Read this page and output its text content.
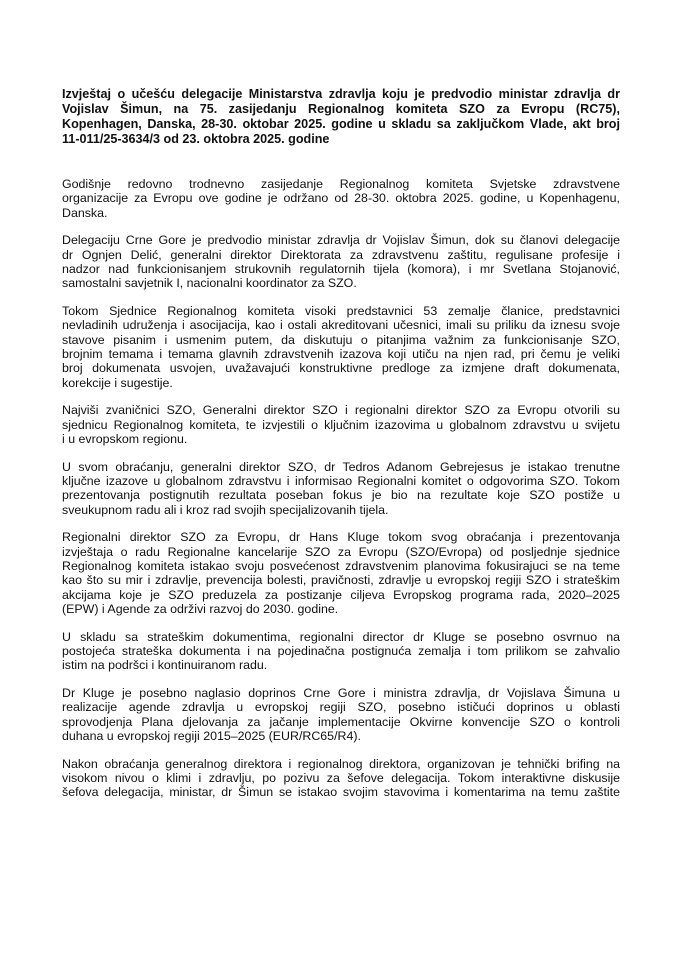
Izvještaj o učešću delegacije Ministarstva zdravlja koju je predvodio ministar zdravlja dr
Vojislav Šimun, na 75. zasijedanju Regionalnog komiteta SZO za Evropu (RC75),
Kopenhagen, Danska, 28-30. oktobar 2025. godine u skladu sa zaključkom Vlade, akt broj
11-011/25-3634/3 od 23. oktobra 2025. godine
Godišnje redovno trodnevno zasijedanje Regionalnog komiteta Svjetske zdravstvene
organizacije za Evropu ove godine je održano od 28-30. oktobra 2025. godine, u Kopenhagenu,
Danska.
Delegaciju Crne Gore je predvodio ministar zdravlja dr Vojislav Šimun, dok su članovi delegacije
dr Ognjen Delić, generalni direktor Direktorata za zdravstvenu zaštitu, regulisane profesije i
nadzor nad funkcionisanjem strukovnih regulatornih tijela (komora), i mr Svetlana Stojanović,
samostalni savjetnik I, nacionalni koordinator za SZO.
Tokom Sjednice Regionalnog komiteta visoki predstavnici 53 zemalje članice, predstavnici
nevladinih udruženja i asocijacija, kao i ostali akreditovani učesnici, imali su priliku da iznesu svoje
stavove pisanim i usmenim putem, da diskutuju o pitanjima važnim za funkcionisanje SZO,
brojnim temama i temama glavnih zdravstvenih izazova koji utiču na njen rad, pri čemu je veliki
broj dokumenata usvojen, uvažavajući konstruktivne predloge za izmjene draft dokumenata,
korekcije i sugestije.
Najviši zvaničnici SZO, Generalni direktor SZO i regionalni direktor SZO za Evropu otvorili su
sjednicu Regionalnog komiteta, te izvjestili o ključnim izazovima u globalnom zdravstvu u svijetu
i u evropskom regionu.
U svom obraćanju, generalni direktor SZO, dr Tedros Adanom Gebrejesus je istakao trenutne
ključne izazove u globalnom zdravstvu i informisao Regionalni komitet o odgovorima SZO. Tokom
prezentovanja postignutih rezultata poseban fokus je bio na rezultate koje SZO postiže u
sveukupnom radu ali i kroz rad svojih specijalizovanih tijela.
Regionalni direktor SZO za Evropu, dr Hans Kluge tokom svog obraćanja i prezentovanja
izvještaja o radu Regionalne kancelarije SZO za Evropu (SZO/Evropa) od posljednje sjednice
Regionalnog komiteta istakao svoju posvećenost zdravstvenim planovima fokusirajuci se na teme
kao što su mir i zdravlje, prevencija bolesti, pravičnosti, zdravlje u evropskoj regiji SZO i strateškim
akcijama koje je SZO preduzela za postizanje ciljeva Evropskog programa rada, 2020–2025
(EPW) i Agende za održivi razvoj do 2030. godine.
U skladu sa strateškim dokumentima, regionalni director dr Kluge se posebno osvrnuo na
postojeća strateška dokumenta i na pojedinačna postignuća zemalja i tom prilikom se zahvalio
istim na podršci i kontinuiranom radu.
Dr Kluge je posebno naglasio doprinos Crne Gore i ministra zdravlja, dr Vojislava Šimuna u
realizacije agende zdravlja u evropskoj regiji SZO, posebno ističući doprinos u oblasti
sprovodjenja Plana djelovanja za jačanje implementacije Okvirne konvencije SZO o kontroli
duhana u evropskoj regiji 2015–2025 (EUR/RC65/R4).
Nakon obraćanja generalnog direktora i regionalnog direktora, organizovan je tehnički brifing na
visokom nivou o klimi i zdravlju, po pozivu za šefove delegacija. Tokom interaktivne diskusije
šefova delegacija, ministar, dr Šimun se istakao svojim stavovima i komentarima na temu zaštite
